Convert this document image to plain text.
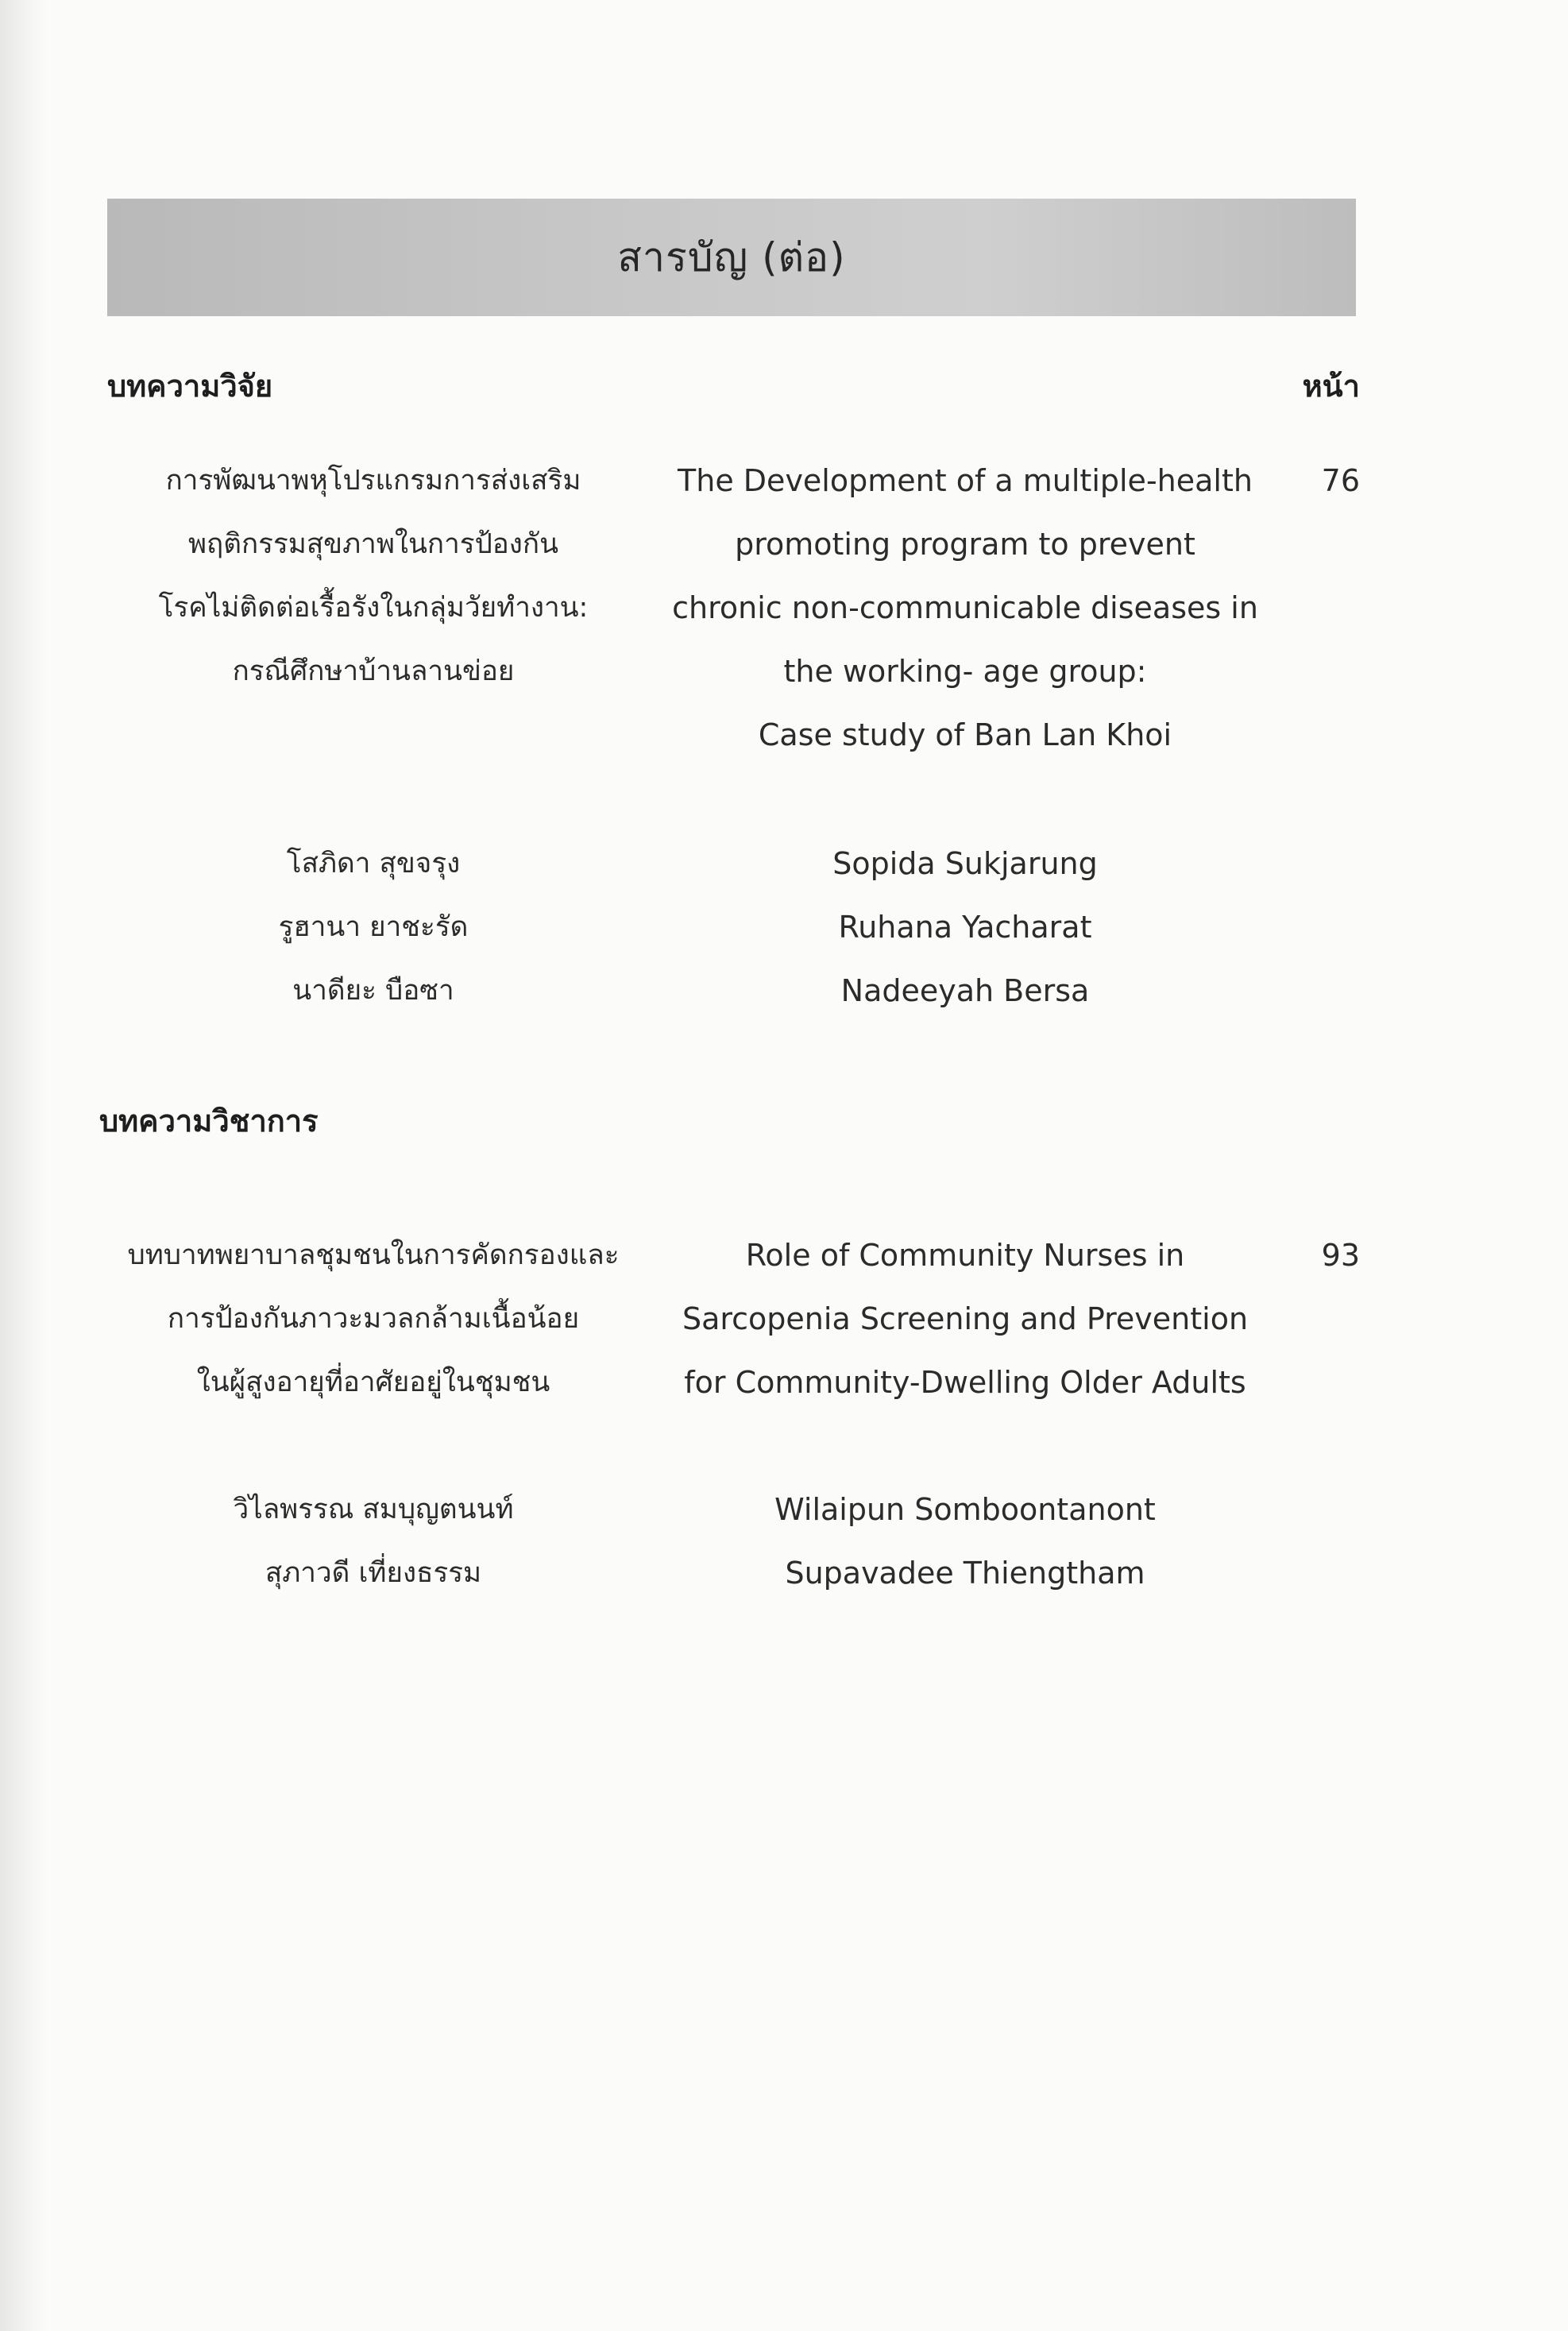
สารบัญ (ต่อ)
บทความวิจัย	หน้า
การพัฒนาพหุโปรแกรมการส่งเสริม
พฤติกรรมสุขภาพในการป้องกัน
โรคไม่ติดต่อเรื้อรังในกลุ่มวัยทำงาน:
กรณีศึกษาบ้านลานข่อย
The Development of a multiple-health
promoting program to prevent
chronic non-communicable diseases in
the working- age group:
Case study of Ban Lan Khoi
76
โสภิดา สุขจรุง
รูฮานา ยาชะรัด
นาดียะ บือซา
Sopida Sukjarung
Ruhana Yacharat
Nadeeyah Bersa
บทความวิชาการ
บทบาทพยาบาลชุมชนในการคัดกรองและ
การป้องกันภาวะมวลกล้ามเนื้อน้อย
ในผู้สูงอายุที่อาศัยอยู่ในชุมชน
Role of Community Nurses in
Sarcopenia Screening and Prevention
for Community-Dwelling Older Adults
93
วิไลพรรณ สมบุญตนนท์
สุภาวดี เที่ยงธรรม
Wilaipun Somboontanont
Supavadee Thiengtham
